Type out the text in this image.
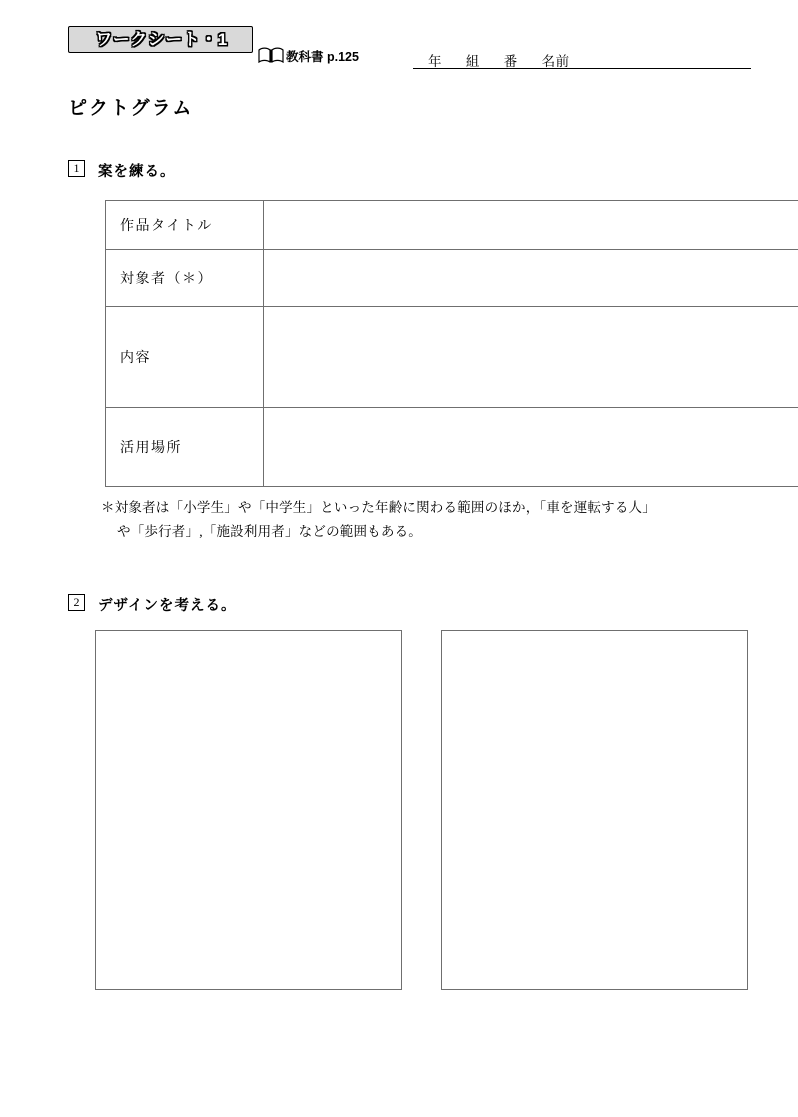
ワークシート・1
教科書 p.125	年 組 番 名前
ピクトグラム
1	案を練る。
作品タイトル	
対象者（＊）	
内容	
活用場所	
＊対象者は「小学生」や「中学生」といった年齢に関わる範囲のほか，「車を運転する人」
や「歩行者」,「施設利用者」などの範囲もある。
2	デザインを考える。
